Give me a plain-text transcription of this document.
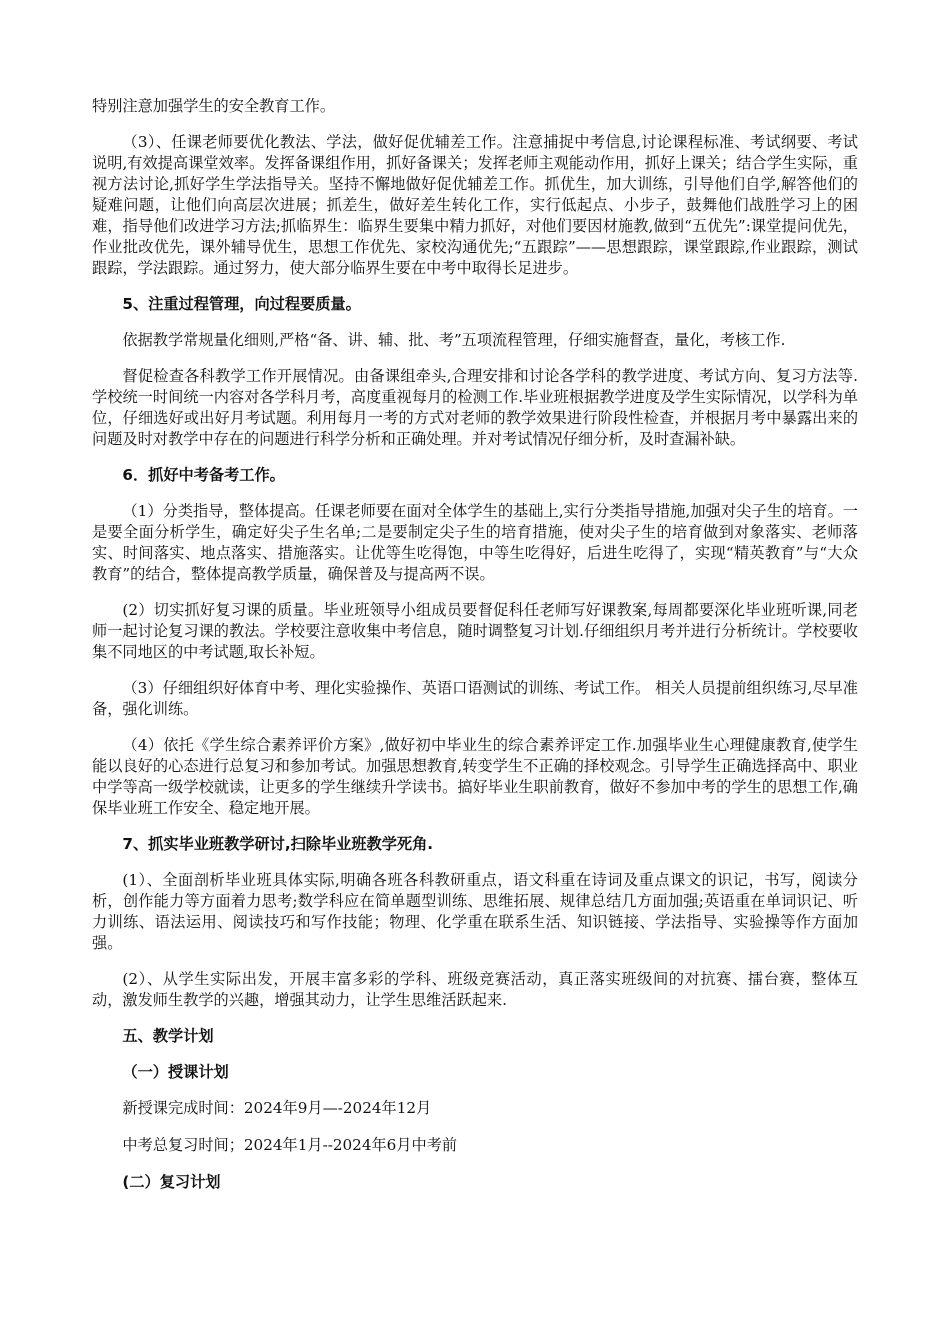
特别注意加强学生的安全教育工作。

（3）、任课老师要优化教法、学法，做好促优辅差工作。注意捕捉中考信息,讨论课程标准、考试纲要、考试说明,有效提高课堂效率。发挥备课组作用，抓好备课关；发挥老师主观能动作用，抓好上课关；结合学生实际，重视方法讨论,抓好学生学法指导关。坚持不懈地做好促优辅差工作。抓优生，加大训练，引导他们自学,解答他们的疑难问题，让他们向高层次进展；抓差生，做好差生转化工作，实行低起点、小步子，鼓舞他们战胜学习上的困难，指导他们改进学习方法;抓临界生：临界生要集中精力抓好，对他们要因材施教,做到“五优先”:课堂提问优先，作业批改优先，课外辅导优生，思想工作优先、家校沟通优先;“五跟踪”——思想跟踪，课堂跟踪,作业跟踪，测试跟踪，学法跟踪。通过努力，使大部分临界生要在中考中取得长足进步。

5、注重过程管理，向过程要质量。

依据教学常规量化细则,严格“备、讲、辅、批、考”五项流程管理，仔细实施督查，量化，考核工作.

督促检查各科教学工作开展情况。由备课组牵头,合理安排和讨论各学科的教学进度、考试方向、复习方法等.学校统一时间统一内容对各学科月考，高度重视每月的检测工作.毕业班根据教学进度及学生实际情况，以学科为单位，仔细选好或出好月考试题。利用每月一考的方式对老师的教学效果进行阶段性检查，并根据月考中暴露出来的问题及时对教学中存在的问题进行科学分析和正确处理。并对考试情况仔细分析，及时查漏补缺。

6．抓好中考备考工作。

（1）分类指导，整体提高。任课老师要在面对全体学生的基础上,实行分类指导措施,加强对尖子生的培育。一是要全面分析学生，确定好尖子生名单;二是要制定尖子生的培育措施，使对尖子生的培育做到对象落实、老师落实、时间落实、地点落实、措施落实。让优等生吃得饱，中等生吃得好，后进生吃得了，实现“精英教育”与“大众教育”的结合，整体提高教学质量，确保普及与提高两不误。

(2）切实抓好复习课的质量。毕业班领导小组成员要督促科任老师写好课教案,每周都要深化毕业班听课,同老师一起讨论复习课的教法。学校要注意收集中考信息，随时调整复习计划.仔细组织月考并进行分析统计。学校要收集不同地区的中考试题,取长补短。

（3）仔细组织好体育中考、理化实验操作、英语口语测试的训练、考试工作。 相关人员提前组织练习,尽早准备，强化训练。

（4）依托《学生综合素养评价方案》,做好初中毕业生的综合素养评定工作.加强毕业生心理健康教育,使学生能以良好的心态进行总复习和参加考试。加强思想教育,转变学生不正确的择校观念。引导学生正确选择高中、职业中学等高一级学校就读，让更多的学生继续升学读书。搞好毕业生职前教育，做好不参加中考的学生的思想工作,确保毕业班工作安全、稳定地开展。

7、抓实毕业班教学研讨,扫除毕业班教学死角.

(1）、全面剖析毕业班具体实际,明确各班各科教研重点，语文科重在诗词及重点课文的识记，书写，阅读分析，创作能力等方面着力思考;数学科应在简单题型训练、思维拓展、规律总结几方面加强;英语重在单词识记、听力训练、语法运用、阅读技巧和写作技能；物理、化学重在联系生活、知识链接、学法指导、实验操等作方面加强。

(2）、从学生实际出发，开展丰富多彩的学科、班级竞赛活动，真正落实班级间的对抗赛、擂台赛，整体互动，激发师生教学的兴趣，增强其动力，让学生思维活跃起来.

五、教学计划

（一）授课计划

新授课完成时间：2024年9月—-2024年12月

中考总复习时间；2024年1月--2024年6月中考前

(二）复习计划
